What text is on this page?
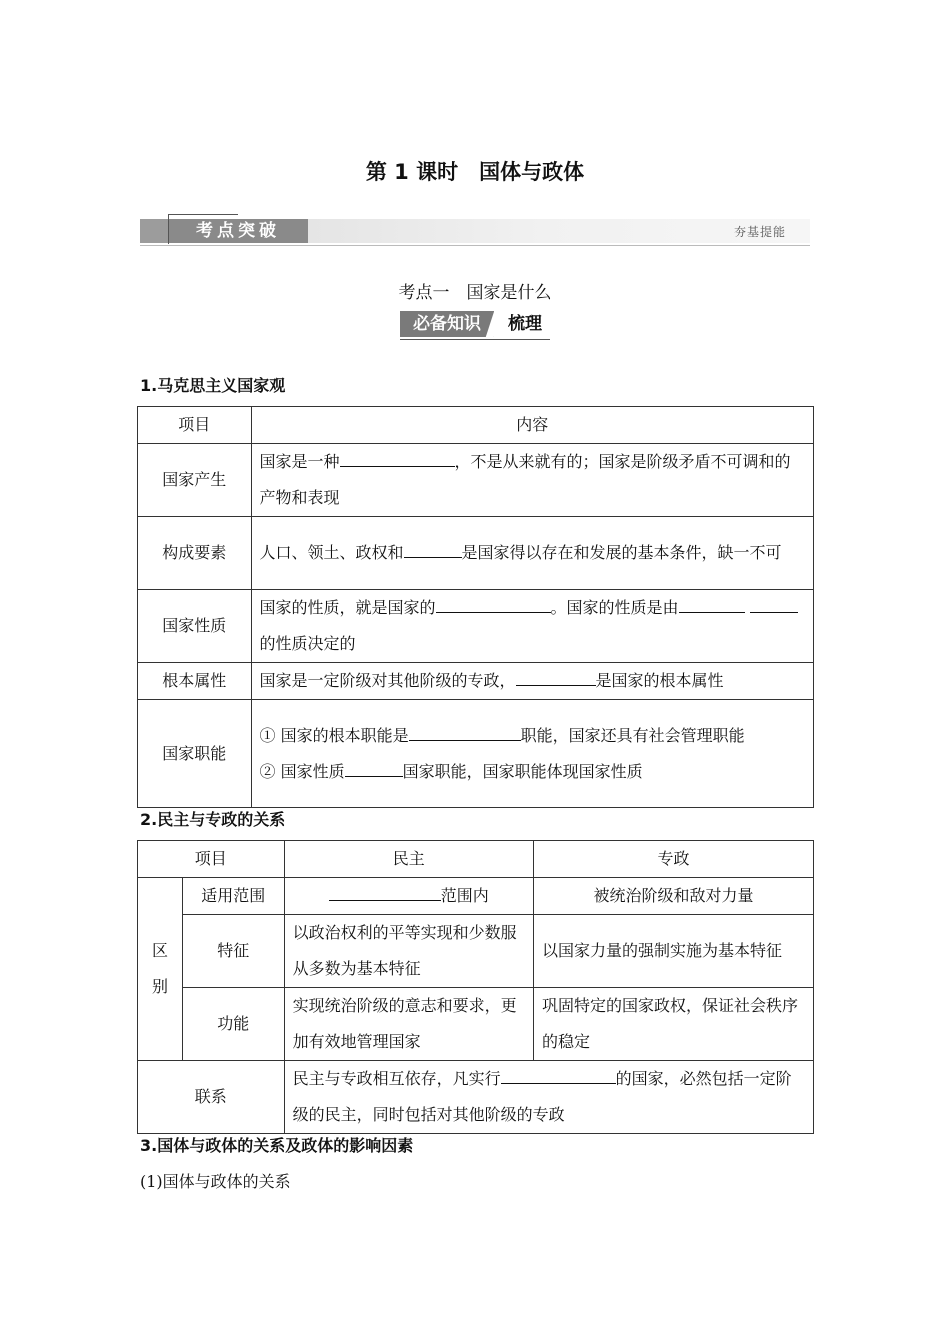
第 1 课时　国体与政体
考点突破	夯基提能
考点一　国家是什么
必备知识	梳理
1.马克思主义国家观
项目	内容
国家产生	国家是一种 ，不是从来就有的；国家是阶级矛盾不可调和的产物和表现
构成要素	人口、领土、政权和 是国家得以存在和发展的基本条件，缺一不可
国家性质	国家的性质，就是国家的 。国家的性质是由 的性质决定的
根本属性	国家是一定阶级对其他阶级的专政， 是国家的根本属性
国家职能	① 国家的根本职能是 职能，国家还具有社会管理职能
② 国家性质 国家职能，国家职能体现国家性质
2.民主与专政的关系
项目		民主	专政

区别	适用范围	范围内	被统治阶级和敌对力量
	特征	以政治权利的平等实现和少数服从多数为基本特征	以国家力量的强制实施为基本特征
	功能	实现统治阶级的意志和要求，更加有效地管理国家	巩固特定的国家政权，保证社会秩序的稳定
联系		民主与专政相互依存，凡实行 的国家，必然包括一定阶级的民主，同时包括对其他阶级的专政	
3.国体与政体的关系及政体的影响因素
(1)国体与政体的关系
